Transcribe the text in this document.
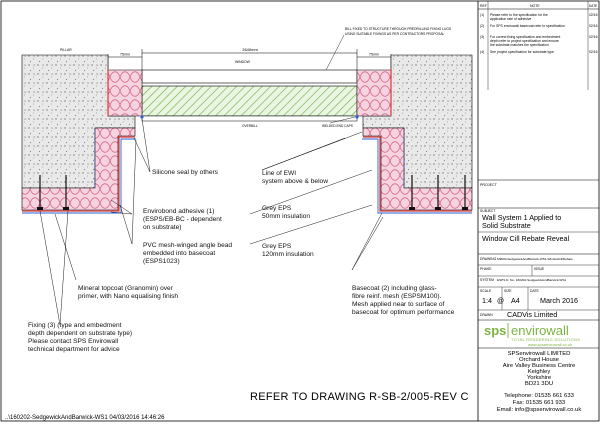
2640mm
75mm	75mm
BILL FIXED TO STRUCTURE THROUGH PREDRILLING FIXING LUGS
USING SUITABLE FIXINGS AS PER CONTRACTORS PROPOSAL
WINDOW
PILLAR
OVERBILL	WELDED END CAPS
Silicone seal by others	Line of EWI
system above & below
Envirobond adhesive (1)
(ESPS/EB-BC - dependent
on substrate)
Grey EPS
50mm insulation
PVC mesh-winged angle bead
embedded into basecoat
(ESPS1023)
Grey EPS
120mm insulation
Mineral topcoat (Granomin) over
primer, with Nano equalising finish
Basecoat (2) including glass-
fibre reinf. mesh (ESPSM100).
Mesh applied near to surface of
basecoat for optimum performance
Fixing (3) (type and embedment
depth dependent on substrate type)
Please contact SPS Envirowall
technical department for advice
REFER TO DRAWING R-SB-2/005-REV C
..\160202-SedgewickAndBarwick-WS1 04/03/2016 14:46:26
REF	NOTE	DATE
(1) Please refer to the specification for the
application rate of adhesive
02/16
(2) For SPS envirowall basecoat refer to specification	02/16
(3) For correct fixing specification and embedment
depth refer to project specification and ensure
the substrate matches the specification
02/16
(4) See project specification for substrate type	02/16
PROJECT
SUBJECT
Wall System 1 Applied to
Solid Substrate
Window Cill Rebate Reveal
DRAWING M9000-SedgewickAndBarwick-WS1-WindowCillRebate
PHASE	ISSUE
SYSTEM ESPS D. No. 160202-SedgewickAndBarwick-WS1
SCALE	SIZE	DATE
1:4 @ A4	March 2016
DRAWN CADVis Limited
sps envirowall
TOTAL RENDERING SOLUTIONS
www.spsenvirowall.co.uk
SPSenvirowall LIMITED
Orchard House
Aire Valley Business Centre
Keighley
Yorkshire
BD21 3DU
Telephone: 01535 661 633
Fax: 01535 661 933
Email: info@spsenvirowall.co.uk
